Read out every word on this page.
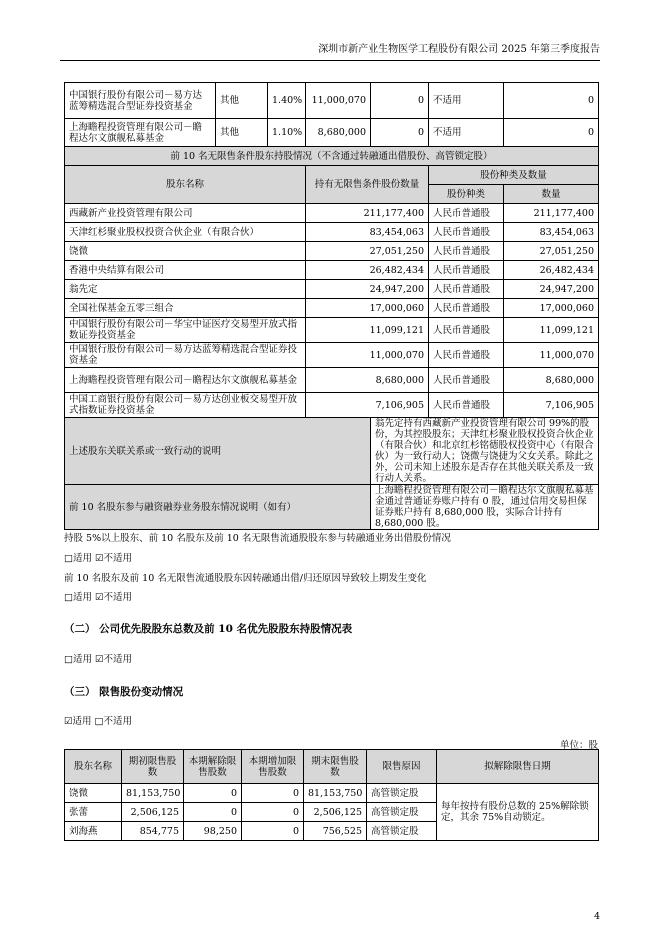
深圳市新产业生物医学工程股份有限公司 2025 年第三季度报告
中国银行股份有限公司－易方达蓝筹精选混合型证券投资基金	其他	1.40%	11,000,070	0	不适用	0
上海瞻程投资管理有限公司－瞻程达尔文旗舰私募基金	其他	1.10%	8,680,000	0	不适用	0
前 10 名无限售条件股东持股情况（不含通过转融通出借股份、高管锁定股）						
股东名称			持有无限售条件股份数量		股份种类及数量	
					股份种类	数量
西藏新产业投资管理有限公司			211,177,400		人民币普通股	211,177,400
天津红杉聚业股权投资合伙企业（有限合伙）			83,454,063		人民币普通股	83,454,063
饶微			27,051,250		人民币普通股	27,051,250
香港中央结算有限公司			26,482,434		人民币普通股	26,482,434
翁先定			24,947,200		人民币普通股	24,947,200
全国社保基金五零三组合			17,000,060		人民币普通股	17,000,060
中国银行股份有限公司－华宝中证医疗交易型开放式指数证券投资基金			11,099,121		人民币普通股	11,099,121
中国银行股份有限公司－易方达蓝筹精选混合型证券投资基金			11,000,070		人民币普通股	11,000,070
上海瞻程投资管理有限公司－瞻程达尔文旗舰私募基金			8,680,000		人民币普通股	8,680,000
中国工商银行股份有限公司－易方达创业板交易型开放式指数证券投资基金			7,106,905		人民币普通股	7,106,905
上述股东关联关系或一致行动的说明				翁先定持有西藏新产业投资管理有限公司 99%的股份，为其控股股东；天津红杉聚业股权投资合伙企业（有限合伙）和北京红杉铭德股权投资中心（有限合伙）为一致行动人；饶微与饶捷为父女关系。除此之外，公司未知上述股东是否存在其他关联关系及一致行动人关系。		
前 10 名股东参与融资融券业务股东情况说明（如有）				上海瞻程投资管理有限公司－瞻程达尔文旗舰私募基金通过普通证券账户持有 0 股，通过信用交易担保证券账户持有 8,680,000 股，实际合计持有 8,680,000 股。		
持股 5%以上股东、前 10 名股东及前 10 名无限售流通股股东参与转融通业务出借股份情况
□适用 ☑不适用
前 10 名股东及前 10 名无限售流通股股东因转融通出借/归还原因导致较上期发生变化
□适用 ☑不适用
（二） 公司优先股股东总数及前 10 名优先股股东持股情况表
□适用 ☑不适用
（三） 限售股份变动情况
☑适用 □不适用
单位：股
股东名称	期初限售股数	本期解除限售股数	本期增加限售股数	期末限售股数	限售原因	拟解除限售日期
饶微	81,153,750	0	0	81,153,750	高管锁定股	每年按持有股份总数的 25%解除锁定，其余 75%自动锁定。
张蕾	2,506,125	0	0	2,506,125	高管锁定股	
刘海燕	854,775	98,250	0	756,525	高管锁定股	
4
